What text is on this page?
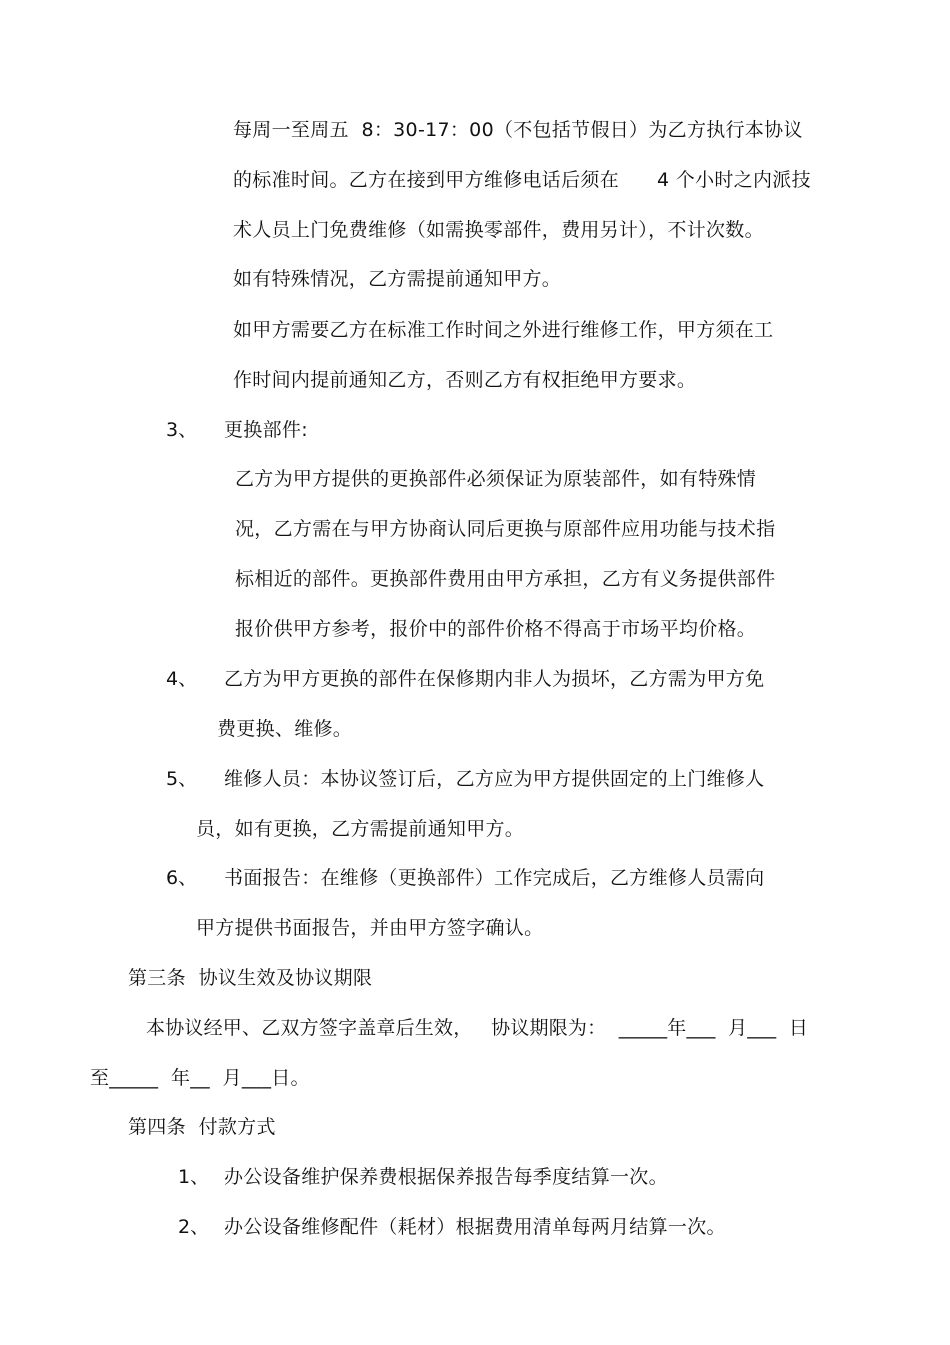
每周一至周五  8：30-17：00（不包括节假日）为乙方执行本协议
的标准时间。乙方在接到甲方维修电话后须在      4 个小时之内派技
术人员上门免费维修（如需换零部件，费用另计），不计次数。
如有特殊情况，乙方需提前通知甲方。
如甲方需要乙方在标准工作时间之外进行维修工作，甲方须在工
作时间内提前通知乙方，否则乙方有权拒绝甲方要求。
3、 更换部件:
乙方为甲方提供的更换部件必须保证为原装部件，如有特殊情
况，乙方需在与甲方协商认同后更换与原部件应用功能与技术指
标相近的部件。更换部件费用由甲方承担，乙方有义务提供部件
报价供甲方参考，报价中的部件价格不得高于市场平均价格。
4、 乙方为甲方更换的部件在保修期内非人为损坏，乙方需为甲方免
费更换、维修。
5、 维修人员：本协议签订后，乙方应为甲方提供固定的上门维修人
员，如有更换，乙方需提前通知甲方。
6、 书面报告：在维修（更换部件）工作完成后，乙方维修人员需向
甲方提供书面报告，并由甲方签字确认。
第三条  协议生效及协议期限
本协议经甲、乙双方签字盖章后生效，   协议期限为：  _____年___  月___  日
至_____  年__  月___日。
第四条  付款方式
1、 办公设备维护保养费根据保养报告每季度结算一次。
2、 办公设备维修配件（耗材）根据费用清单每两月结算一次。
